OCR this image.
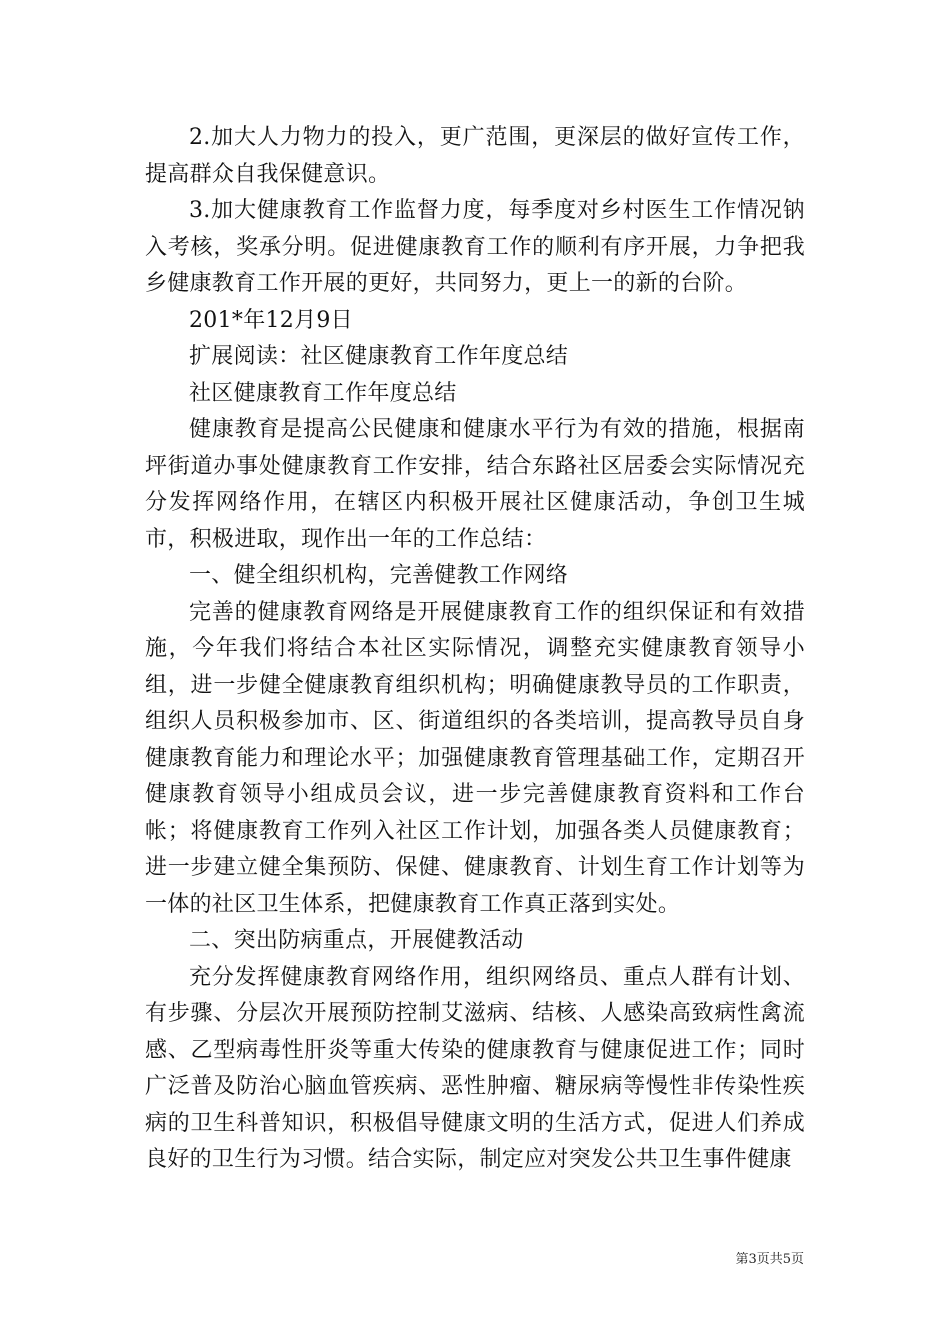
2.加大人力物力的投入，更广范围，更深层的做好宣传工作，提高群众自我保健意识。

3.加大健康教育工作监督力度，每季度对乡村医生工作情况钠入考核，奖承分明。促进健康教育工作的顺利有序开展，力争把我乡健康教育工作开展的更好，共同努力，更上一的新的台阶。

201*年12月9日

扩展阅读：社区健康教育工作年度总结

社区健康教育工作年度总结

健康教育是提高公民健康和健康水平行为有效的措施，根据南坪街道办事处健康教育工作安排，结合东路社区居委会实际情况充分发挥网络作用，在辖区内积极开展社区健康活动，争创卫生城市，积极进取，现作出一年的工作总结：

一、健全组织机构，完善健教工作网络

完善的健康教育网络是开展健康教育工作的组织保证和有效措施，今年我们将结合本社区实际情况，调整充实健康教育领导小组，进一步健全健康教育组织机构；明确健康教导员的工作职责，组织人员积极参加市、区、街道组织的各类培训，提高教导员自身健康教育能力和理论水平；加强健康教育管理基础工作，定期召开健康教育领导小组成员会议，进一步完善健康教育资料和工作台帐；将健康教育工作列入社区工作计划，加强各类人员健康教育；进一步建立健全集预防、保健、健康教育、计划生育工作计划等为一体的社区卫生体系，把健康教育工作真正落到实处。

二、突出防病重点，开展健教活动

充分发挥健康教育网络作用，组织网络员、重点人群有计划、有步骤、分层次开展预防控制艾滋病、结核、人感染高致病性禽流感、乙型病毒性肝炎等重大传染的健康教育与健康促进工作；同时广泛普及防治心脑血管疾病、恶性肿瘤、糖尿病等慢性非传染性疾病的卫生科普知识，积极倡导健康文明的生活方式，促进人们养成良好的卫生行为习惯。结合实际，制定应对突发公共卫生事件健康

第3页共5页
